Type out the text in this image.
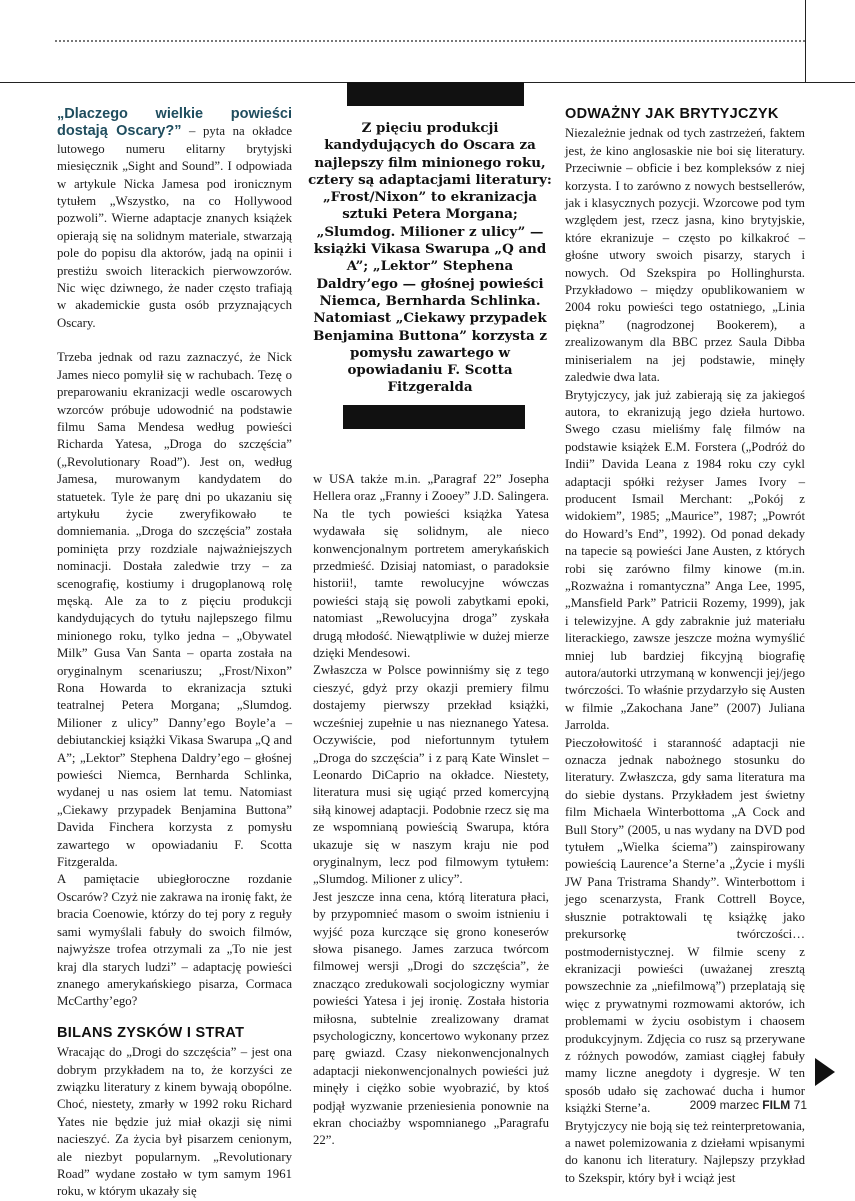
„Dlaczego wielkie powieści dostają Oscary?” – pyta na okładce lutowego numeru elitarny brytyjski miesięcznik „Sight and Sound”. I odpowiada w artykule Nicka Jamesa pod ironicznym tytułem „Wszystko, na co Hollywood pozwoli”. Wierne adaptacje znanych książek opierają się na solidnym materiale, stwarzają pole do popisu dla aktorów, jadą na opinii i prestiżu swoich literackich pierwowzorów. Nic więc dziwnego, że nader często trafiają w akademickie gusta osób przyznających Oscary.

Trzeba jednak od razu zaznaczyć, że Nick James nieco pomylił się w rachubach. Tezę o preparowaniu ekranizacji wedle oscarowych wzorców próbuje udowodnić na podstawie filmu Sama Mendesa według powieści Richarda Yatesa, „Droga do szczęścia” („Revolutionary Road”). Jest on, według Jamesa, murowanym kandydatem do statuetek. Tyle że parę dni po ukazaniu się artykułu życie zweryfikowało te domniemania. „Droga do szczęścia” została pominięta przy rozdziale najważniejszych nominacji. Dostała zaledwie trzy – za scenografię, kostiumy i drugoplanową rolę męską. Ale za to z pięciu produkcji kandydujących do tytułu najlepszego filmu minionego roku, tylko jedna – „Obywatel Milk” Gusa Van Santa – oparta została na oryginalnym scenariuszu; „Frost/Nixon” Rona Howarda to ekranizacja sztuki teatralnej Petera Morgana; „Slumdog. Milioner z ulicy” Danny’ego Boyle’a – debiutanckiej książki Vikasa Swarupa „Q and A”; „Lektor” Stephena Daldry’ego – głośnej powieści Niemca, Bernharda Schlinka, wydanej u nas osiem lat temu. Natomiast „Ciekawy przypadek Benjamina Buttona” Davida Finchera korzysta z pomysłu zawartego w opowiadaniu F. Scotta Fitzgeralda.

A pamiętacie ubiegłoroczne rozdanie Oscarów? Czyż nie zakrawa na ironię fakt, że bracia Coenowie, którzy do tej pory z reguły sami wymyślali fabuły do swoich filmów, najwyższe trofea otrzymali za „To nie jest kraj dla starych ludzi” – adaptację powieści znanego amerykańskiego pisarza, Cormaca McCarthy’ego?

BILANS ZYSKÓW I STRAT

Wracając do „Drogi do szczęścia” – jest ona dobrym przykładem na to, że korzyści ze związku literatury z kinem bywają obopólne. Choć, niestety, zmarły w 1992 roku Richard Yates nie będzie już miał okazji się nimi nacieszyć. Za życia był pisarzem cenionym, ale niezbyt popularnym. „Revolutionary Road” wydane zostało w tym samym 1961 roku, w którym ukazały się

Z pięciu produkcji kandydujących do Oscara za najlepszy film minionego roku, cztery są adaptacjami literatury: „Frost/Nixon” to ekranizacja sztuki Petera Morgana; „Slumdog. Milioner z ulicy” — książki Vikasa Swarupa „Q and A”; „Lektor” Stephena Daldry’ego — głośnej powieści Niemca, Bernharda Schlinka. Natomiast „Ciekawy przypadek Benjamina Buttona” korzysta z pomysłu zawartego w opowiadaniu F. Scotta Fitzgeralda

w USA także m.in. „Paragraf 22” Josepha Hellera oraz „Franny i Zooey” J.D. Salingera. Na tle tych powieści książka Yatesa wydawała się solidnym, ale nieco konwencjonalnym portretem amerykańskich przedmieść. Dzisiaj natomiast, o paradoksie historii!, tamte rewolucyjne wówczas powieści stają się powoli zabytkami epoki, natomiast „Rewolucyjna droga” zyskała drugą młodość. Niewątpliwie w dużej mierze dzięki Mendesowi.

Zwłaszcza w Polsce powinniśmy się z tego cieszyć, gdyż przy okazji premiery filmu dostajemy pierwszy przekład książki, wcześniej zupełnie u nas nieznanego Yatesa. Oczywiście, pod niefortunnym tytułem „Droga do szczęścia” i z parą Kate Winslet – Leonardo DiCaprio na okładce. Niestety, literatura musi się ugiąć przed komercyjną siłą kinowej adaptacji. Podobnie rzecz się ma ze wspomnianą powieścią Swarupa, która ukazuje się w naszym kraju nie pod oryginalnym, lecz pod filmowym tytułem: „Slumdog. Milioner z ulicy”.

Jest jeszcze inna cena, którą literatura płaci, by przypomnieć masom o swoim istnieniu i wyjść poza kurczące się grono koneserów słowa pisanego. James zarzuca twórcom filmowej wersji „Drogi do szczęścia”, że znacząco zredukowali socjologiczny wymiar powieści Yatesa i jej ironię. Została historia miłosna, subtelnie zrealizowany dramat psychologiczny, koncertowo wykonany przez parę gwiazd. Czasy niekonwencjonalnych adaptacji niekonwencjonalnych powieści już minęły i ciężko sobie wyobrazić, by ktoś podjął wyzwanie przeniesienia ponownie na ekran chociażby wspomnianego „Paragrafu 22”.

ODWAŻNY JAK BRYTYJCZYK

Niezależnie jednak od tych zastrzeżeń, faktem jest, że kino anglosaskie nie boi się literatury. Przeciwnie – obficie i bez kompleksów z niej korzysta. I to zarówno z nowych bestsellerów, jak i klasycznych pozycji. Wzorcowe pod tym względem jest, rzecz jasna, kino brytyjskie, które ekranizuje – często po kilkakroć – głośne utwory swoich pisarzy, starych i nowych. Od Szekspira po Hollinghursta. Przykładowo – między opublikowaniem w 2004 roku powieści tego ostatniego, „Linia piękna” (nagrodzonej Bookerem), a zrealizowanym dla BBC przez Saula Dibba miniserialem na jej podstawie, minęły zaledwie dwa lata.

Brytyjczycy, jak już zabierają się za jakiegoś autora, to ekranizują jego dzieła hurtowo. Swego czasu mieliśmy falę filmów na podstawie książek E.M. Forstera („Podróż do Indii” Davida Leana z 1984 roku czy cykl adaptacji spółki reżyser James Ivory – producent Ismail Merchant: „Pokój z widokiem”, 1985; „Maurice”, 1987; „Powrót do Howard’s End”, 1992). Od ponad dekady na tapecie są powieści Jane Austen, z których robi się zarówno filmy kinowe (m.in. „Rozważna i romantyczna” Anga Lee, 1995, „Mansfield Park” Patricii Rozemy, 1999), jak i telewizyjne. A gdy zabraknie już materiału literackiego, zawsze jeszcze można wymyślić mniej lub bardziej fikcyjną biografię autora/autorki utrzymaną w konwencji jej/jego twórczości. To właśnie przydarzyło się Austen w filmie „Zakochana Jane” (2007) Juliana Jarrolda.

Pieczołowitość i staranność adaptacji nie oznacza jednak nabożnego stosunku do literatury. Zwłaszcza, gdy sama literatura ma do siebie dystans. Przykładem jest świetny film Michaela Winterbottoma „A Cock and Bull Story” (2005, u nas wydany na DVD pod tytułem „Wielka ściema”) zainspirowany powieścią Laurence’a Sterne’a „Życie i myśli JW Pana Tristrama Shandy”. Winterbottom i jego scenarzysta, Frank Cottrell Boyce, słusznie potraktowali tę książkę jako prekursorkę twórczości… postmodernistycznej. W filmie sceny z ekranizacji powieści (uważanej zresztą powszechnie za „niefilmową”) przeplatają się więc z prywatnymi rozmowami aktorów, ich problemami w życiu osobistym i chaosem produkcyjnym. Zdjęcia co rusz są przerywane z różnych powodów, zamiast ciągłej fabuły mamy liczne anegdoty i dygresje. W ten sposób udało się zachować ducha i humor książki Sterne’a.

Brytyjczycy nie boją się też reinterpretowania, a nawet polemizowania z dziełami wpisanymi do kanonu ich literatury. Najlepszy przykład to Szekspir, który był i wciąż jest

2009 marzec FILM 71
